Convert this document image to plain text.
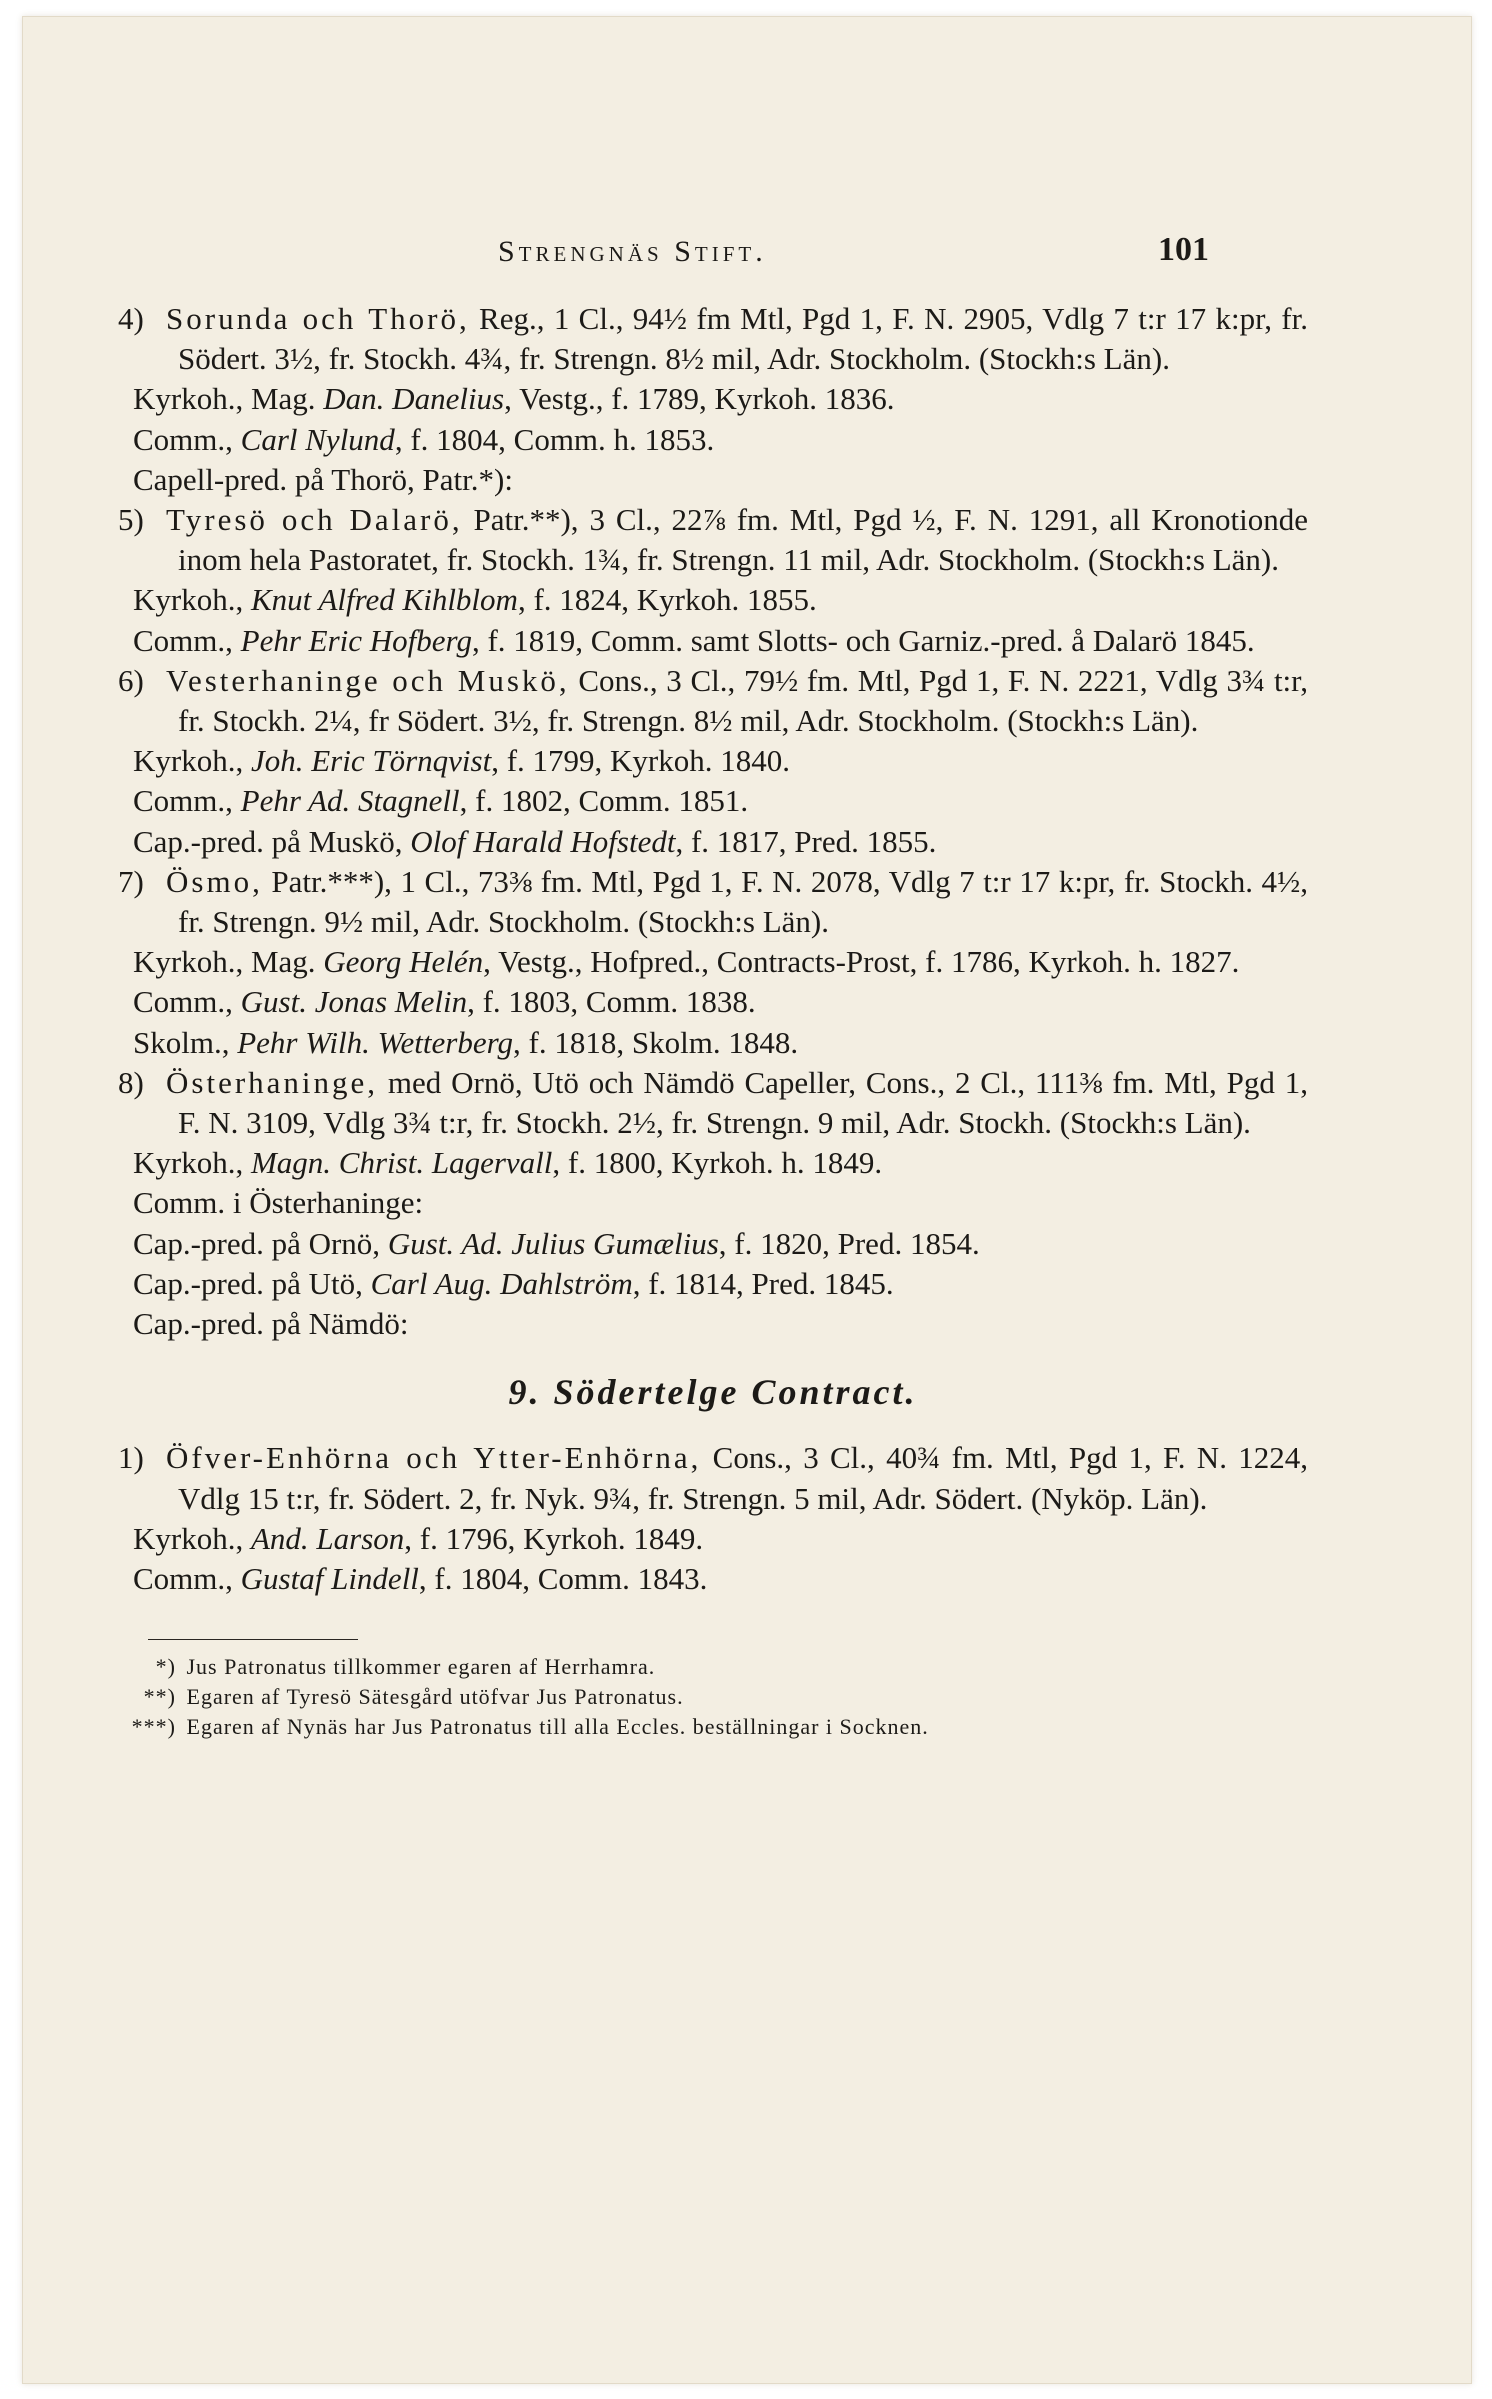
Strengnäs Stift.	101
4) Sorunda och Thorö, Reg., 1 Cl., 94½ fm Mtl, Pgd 1, F. N. 2905, Vdlg 7 t:r 17 k:pr, fr. Södert. 3½, fr. Stockh. 4¾, fr. Strengn. 8½ mil, Adr. Stockholm. (Stockh:s Län).
Kyrkoh., Mag. Dan. Danelius, Vestg., f. 1789, Kyrkoh. 1836.
Comm., Carl Nylund, f. 1804, Comm. h. 1853.
Capell-pred. på Thorö, Patr.*):
5) Tyresö och Dalarö, Patr.**), 3 Cl., 22⅞ fm. Mtl, Pgd ½, F. N. 1291, all Kronotionde inom hela Pastoratet, fr. Stockh. 1¾, fr. Strengn. 11 mil, Adr. Stockholm. (Stockh:s Län).
Kyrkoh., Knut Alfred Kihlblom, f. 1824, Kyrkoh. 1855.
Comm., Pehr Eric Hofberg, f. 1819, Comm. samt Slotts- och Garniz.-pred. å Dalarö 1845.
6) Vesterhaninge och Muskö, Cons., 3 Cl., 79½ fm. Mtl, Pgd 1, F. N. 2221, Vdlg 3¾ t:r, fr. Stockh. 2¼, fr Södert. 3½, fr. Strengn. 8½ mil, Adr. Stockholm. (Stockh:s Län).
Kyrkoh., Joh. Eric Törnqvist, f. 1799, Kyrkoh. 1840.
Comm., Pehr Ad. Stagnell, f. 1802, Comm. 1851.
Cap.-pred. på Muskö, Olof Harald Hofstedt, f. 1817, Pred. 1855.
7) Ösmo, Patr.***), 1 Cl., 73⅜ fm. Mtl, Pgd 1, F. N. 2078, Vdlg 7 t:r 17 k:pr, fr. Stockh. 4½, fr. Strengn. 9½ mil, Adr. Stockholm. (Stockh:s Län).
Kyrkoh., Mag. Georg Helén, Vestg., Hofpred., Contracts-Prost, f. 1786, Kyrkoh. h. 1827.
Comm., Gust. Jonas Melin, f. 1803, Comm. 1838.
Skolm., Pehr Wilh. Wetterberg, f. 1818, Skolm. 1848.
8) Österhaninge, med Ornö, Utö och Nämdö Capeller, Cons., 2 Cl., 111⅜ fm. Mtl, Pgd 1, F. N. 3109, Vdlg 3¾ t:r, fr. Stockh. 2½, fr. Strengn. 9 mil, Adr. Stockh. (Stockh:s Län).
Kyrkoh., Magn. Christ. Lagervall, f. 1800, Kyrkoh. h. 1849.
Comm. i Österhaninge:
Cap.-pred. på Ornö, Gust. Ad. Julius Gumælius, f. 1820, Pred. 1854.
Cap.-pred. på Utö, Carl Aug. Dahlström, f. 1814, Pred. 1845.
Cap.-pred. på Nämdö:
9. Södertelge Contract.
1) Öfver-Enhörna och Ytter-Enhörna, Cons., 3 Cl., 40¾ fm. Mtl, Pgd 1, F. N. 1224, Vdlg 15 t:r, fr. Södert. 2, fr. Nyk. 9¾, fr. Strengn. 5 mil, Adr. Södert. (Nyköp. Län).
Kyrkoh., And. Larson, f. 1796, Kyrkoh. 1849.
Comm., Gustaf Lindell, f. 1804, Comm. 1843.
*) Jus Patronatus tillkommer egaren af Herrhamra.
**) Egaren af Tyresö Sätesgård utöfvar Jus Patronatus.
***) Egaren af Nynäs har Jus Patronatus till alla Eccles. beställningar i Socknen.
